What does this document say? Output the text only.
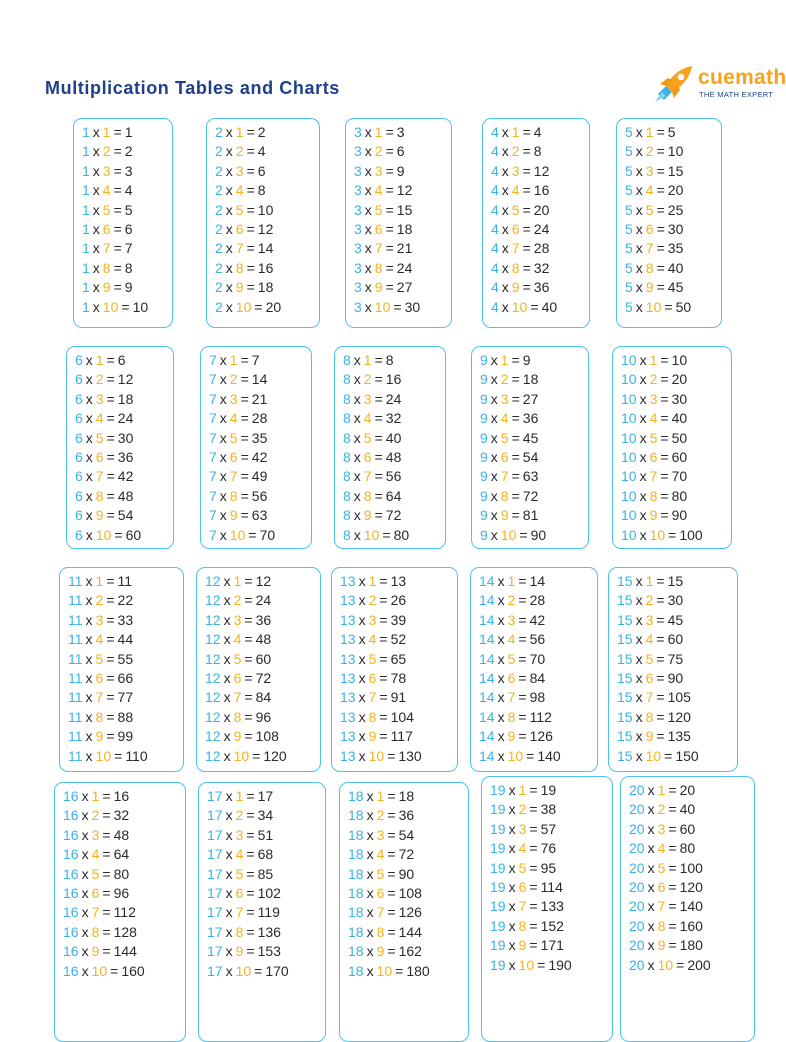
Multiplication Tables and Charts	cuemath
THE MATH EXPERT
1 x 1 = 1
1 x 2 = 2
1 x 3 = 3
1 x 4 = 4
1 x 5 = 5
1 x 6 = 6
1 x 7 = 7
1 x 8 = 8
1 x 9 = 9
1 x 10 = 10
2 x 1 = 2
2 x 2 = 4
2 x 3 = 6
2 x 4 = 8
2 x 5 = 10
2 x 6 = 12
2 x 7 = 14
2 x 8 = 16
2 x 9 = 18
2 x 10 = 20
3 x 1 = 3
3 x 2 = 6
3 x 3 = 9
3 x 4 = 12
3 x 5 = 15
3 x 6 = 18
3 x 7 = 21
3 x 8 = 24
3 x 9 = 27
3 x 10 = 30
4 x 1 = 4
4 x 2 = 8
4 x 3 = 12
4 x 4 = 16
4 x 5 = 20
4 x 6 = 24
4 x 7 = 28
4 x 8 = 32
4 x 9 = 36
4 x 10 = 40
5 x 1 = 5
5 x 2 = 10
5 x 3 = 15
5 x 4 = 20
5 x 5 = 25
5 x 6 = 30
5 x 7 = 35
5 x 8 = 40
5 x 9 = 45
5 x 10 = 50
6 x 1 = 6
6 x 2 = 12
6 x 3 = 18
6 x 4 = 24
6 x 5 = 30
6 x 6 = 36
6 x 7 = 42
6 x 8 = 48
6 x 9 = 54
6 x 10 = 60
7 x 1 = 7
7 x 2 = 14
7 x 3 = 21
7 x 4 = 28
7 x 5 = 35
7 x 6 = 42
7 x 7 = 49
7 x 8 = 56
7 x 9 = 63
7 x 10 = 70
8 x 1 = 8
8 x 2 = 16
8 x 3 = 24
8 x 4 = 32
8 x 5 = 40
8 x 6 = 48
8 x 7 = 56
8 x 8 = 64
8 x 9 = 72
8 x 10 = 80
9 x 1 = 9
9 x 2 = 18
9 x 3 = 27
9 x 4 = 36
9 x 5 = 45
9 x 6 = 54
9 x 7 = 63
9 x 8 = 72
9 x 9 = 81
9 x 10 = 90
10 x 1 = 10
10 x 2 = 20
10 x 3 = 30
10 x 4 = 40
10 x 5 = 50
10 x 6 = 60
10 x 7 = 70
10 x 8 = 80
10 x 9 = 90
10 x 10 = 100
11 x 1 = 11
11 x 2 = 22
11 x 3 = 33
11 x 4 = 44
11 x 5 = 55
11 x 6 = 66
11 x 7 = 77
11 x 8 = 88
11 x 9 = 99
11 x 10 = 110
12 x 1 = 12
12 x 2 = 24
12 x 3 = 36
12 x 4 = 48
12 x 5 = 60
12 x 6 = 72
12 x 7 = 84
12 x 8 = 96
12 x 9 = 108
12 x 10 = 120
13 x 1 = 13
13 x 2 = 26
13 x 3 = 39
13 x 4 = 52
13 x 5 = 65
13 x 6 = 78
13 x 7 = 91
13 x 8 = 104
13 x 9 = 117
13 x 10 = 130
14 x 1 = 14
14 x 2 = 28
14 x 3 = 42
14 x 4 = 56
14 x 5 = 70
14 x 6 = 84
14 x 7 = 98
14 x 8 = 112
14 x 9 = 126
14 x 10 = 140
15 x 1 = 15
15 x 2 = 30
15 x 3 = 45
15 x 4 = 60
15 x 5 = 75
15 x 6 = 90
15 x 7 = 105
15 x 8 = 120
15 x 9 = 135
15 x 10 = 150
16 x 1 = 16
16 x 2 = 32
16 x 3 = 48
16 x 4 = 64
16 x 5 = 80
16 x 6 = 96
16 x 7 = 112
16 x 8 = 128
16 x 9 = 144
16 x 10 = 160
17 x 1 = 17
17 x 2 = 34
17 x 3 = 51
17 x 4 = 68
17 x 5 = 85
17 x 6 = 102
17 x 7 = 119
17 x 8 = 136
17 x 9 = 153
17 x 10 = 170
18 x 1 = 18
18 x 2 = 36
18 x 3 = 54
18 x 4 = 72
18 x 5 = 90
18 x 6 = 108
18 x 7 = 126
18 x 8 = 144
18 x 9 = 162
18 x 10 = 180
19 x 1 = 19
19 x 2 = 38
19 x 3 = 57
19 x 4 = 76
19 x 5 = 95
19 x 6 = 114
19 x 7 = 133
19 x 8 = 152
19 x 9 = 171
19 x 10 = 190
20 x 1 = 20
20 x 2 = 40
20 x 3 = 60
20 x 4 = 80
20 x 5 = 100
20 x 6 = 120
20 x 7 = 140
20 x 8 = 160
20 x 9 = 180
20 x 10 = 200
